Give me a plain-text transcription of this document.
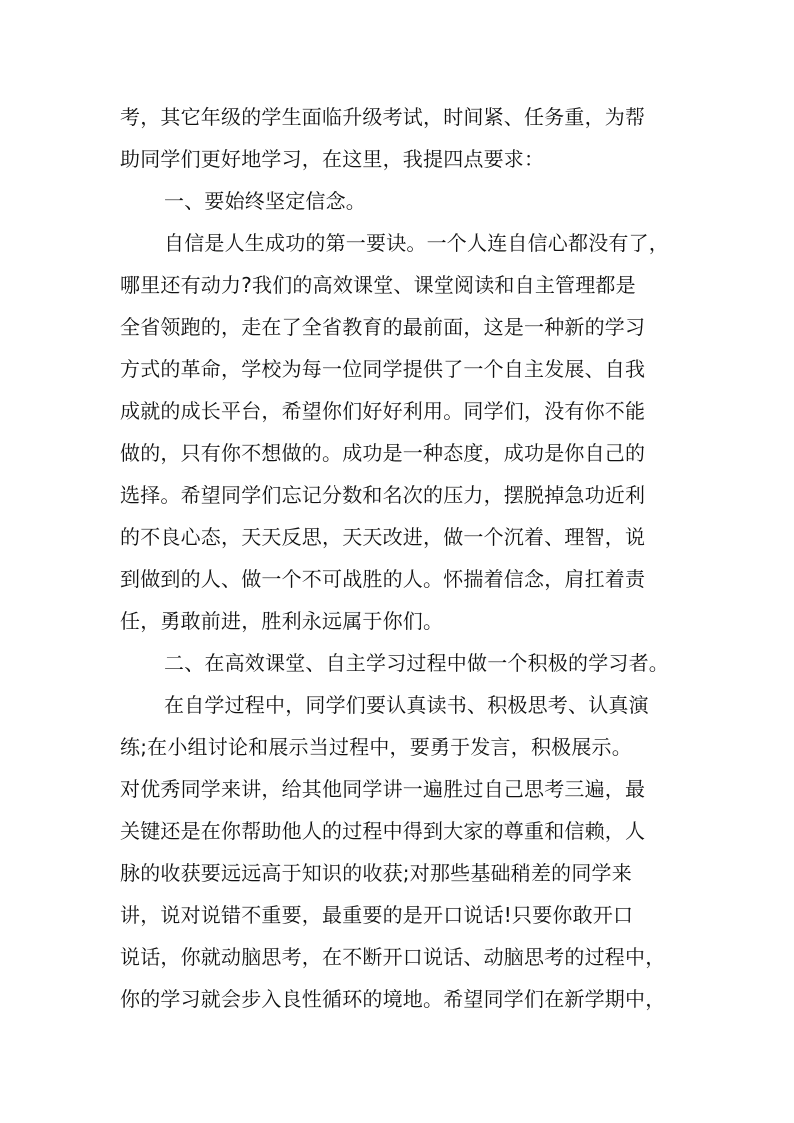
考，其它年级的学生面临升级考试，时间紧、任务重，为帮
助同学们更好地学习，在这里，我提四点要求：
一、要始终坚定信念。
自信是人生成功的第一要诀。一个人连自信心都没有了，
哪里还有动力?我们的高效课堂、课堂阅读和自主管理都是
全省领跑的，走在了全省教育的最前面，这是一种新的学习
方式的革命，学校为每一位同学提供了一个自主发展、自我
成就的成长平台，希望你们好好利用。同学们，没有你不能
做的，只有你不想做的。成功是一种态度，成功是你自己的
选择。希望同学们忘记分数和名次的压力，摆脱掉急功近利
的不良心态，天天反思，天天改进，做一个沉着、理智，说
到做到的人、做一个不可战胜的人。怀揣着信念，肩扛着责
任，勇敢前进，胜利永远属于你们。
二、在高效课堂、自主学习过程中做一个积极的学习者。
在自学过程中，同学们要认真读书、积极思考、认真演
练;在小组讨论和展示当过程中，要勇于发言，积极展示。
对优秀同学来讲，给其他同学讲一遍胜过自己思考三遍，最
关键还是在你帮助他人的过程中得到大家的尊重和信赖，人
脉的收获要远远高于知识的收获;对那些基础稍差的同学来
讲，说对说错不重要，最重要的是开口说话!只要你敢开口
说话，你就动脑思考，在不断开口说话、动脑思考的过程中，
你的学习就会步入良性循环的境地。希望同学们在新学期中，
